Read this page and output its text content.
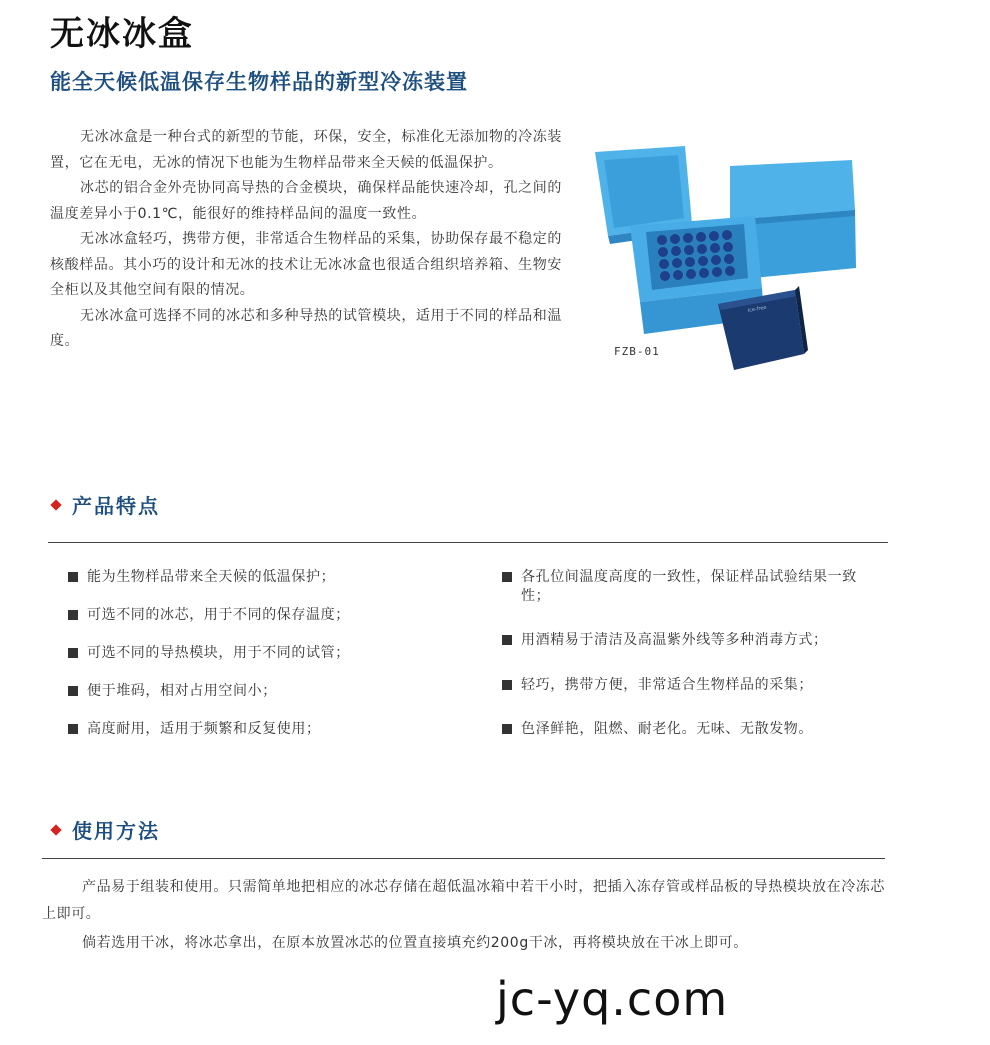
无冰冰盒
能全天候低温保存生物样品的新型冷冻装置

无冰冰盒是一种台式的新型的节能，环保，安全，标准化无添加物的冷冻装置，它在无电，无冰的情况下也能为生物样品带来全天候的低温保护。

冰芯的铝合金外壳协同高导热的合金模块，确保样品能快速冷却，孔之间的温度差异小于0.1℃，能很好的维持样品间的温度一致性。

无冰冰盒轻巧，携带方便，非常适合生物样品的采集，协助保存最不稳定的核酸样品。其小巧的设计和无冰的技术让无冰冰盒也很适合组织培养箱、生物安全柜以及其他空间有限的情况。

无冰冰盒可选择不同的冰芯和多种导热的试管模块，适用于不同的样品和温度。

Ice-free
FZB-01
产品特点
能为生物样品带来全天候的低温保护；
可选不同的冰芯，用于不同的保存温度；
可选不同的导热模块，用于不同的试管；
便于堆码，相对占用空间小；
高度耐用，适用于频繁和反复使用；
各孔位间温度高度的一致性，保证样品试验结果一致性；
用酒精易于清洁及高温紫外线等多种消毒方式；
轻巧，携带方便，非常适合生物样品的采集；
色泽鲜艳，阻燃、耐老化。无味、无散发物。
使用方法

产品易于组装和使用。只需简单地把相应的冰芯存储在超低温冰箱中若干小时，把插入冻存管或样品板的导热模块放在冷冻芯上即可。

倘若选用干冰，将冰芯拿出，在原本放置冰芯的位置直接填充约200g干冰，再将模块放在干冰上即可。

jc-yq.com
